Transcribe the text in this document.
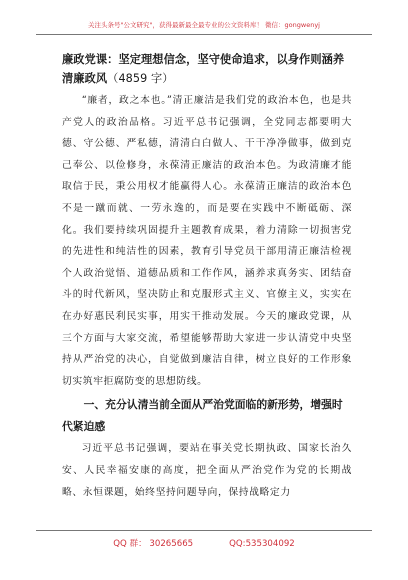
关注头条号"公文研究"，获得最新最全最专业的公文资料库！ 微信：gongwenyj
廉政党课：坚定理想信念，坚守使命追求，以身作则涵养清廉政风（4859 字）

“廉者，政之本也。”清正廉洁是我们党的政治本色，也是共产党人的政治品格。习近平总书记强调，全党同志都要明大德、守公德、严私德，清清白白做人、干干净净做事，做到克己奉公、以俭修身，永葆清正廉洁的政治本色。为政清廉才能取信于民，秉公用权才能赢得人心。永葆清正廉洁的政治本色不是一蹴而就、一劳永逸的，而是要在实践中不断砥砺、深化。我们要持续巩固提升主题教育成果，着力清除一切损害党的先进性和纯洁性的因素，教育引导党员干部用清正廉洁检视个人政治觉悟、道德品质和工作作风，涵养求真务实、团结奋斗的时代新风，坚决防止和克服形式主义、官僚主义，实实在在办好惠民利民实事，用实干推动发展。今天的廉政党课，从三个方面与大家交流，希望能够帮助大家进一步认清党中央坚持从严治党的决心，自觉做到廉洁自律，树立良好的工作形象切实筑牢拒腐防变的思想防线。

一、充分认清当前全面从严治党面临的新形势，增强时代紧迫感

习近平总书记强调，要站在事关党长期执政、国家长治久安、人民幸福安康的高度，把全面从严治党作为党的长期战略、永恒课题，始终坚持问题导向，保持战略定力

QQ 群： 30265665	QQ:535304092
